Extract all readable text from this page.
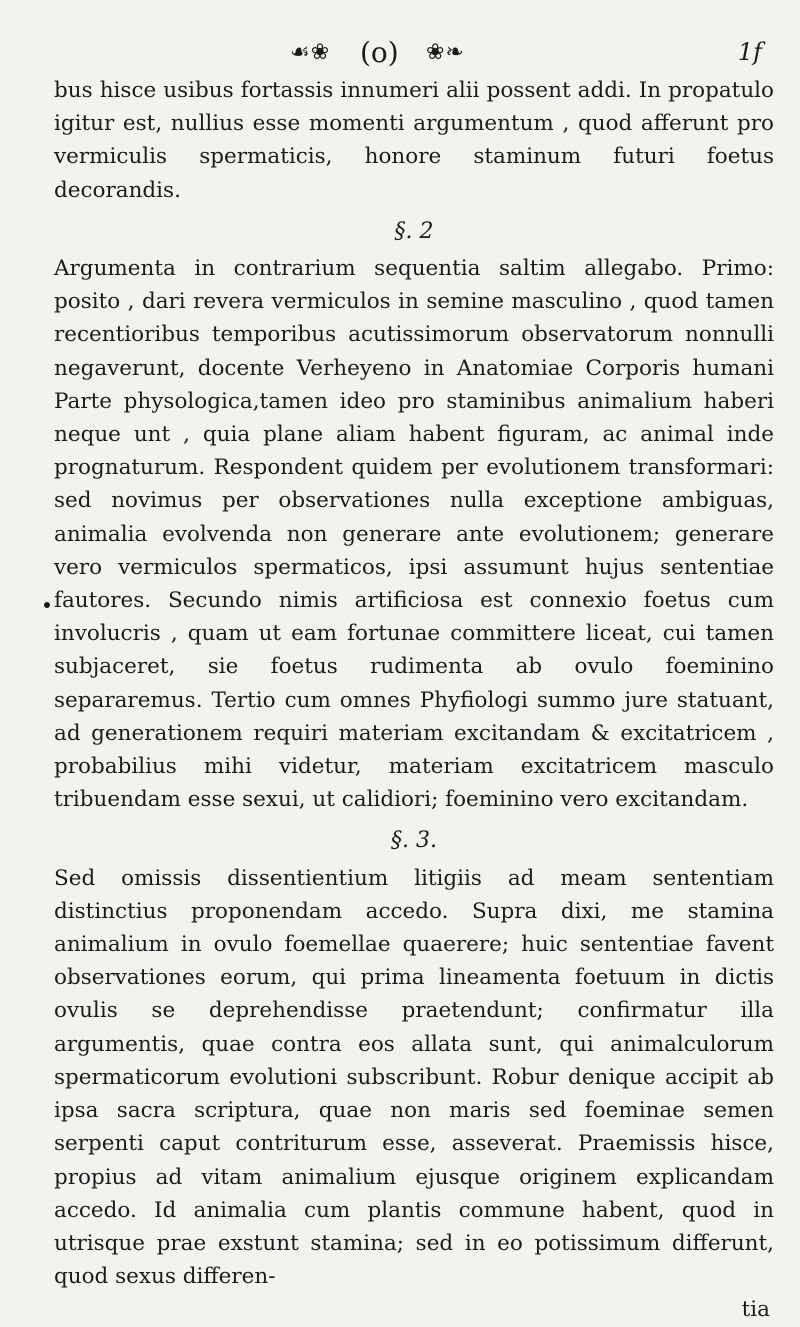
☙❀ (o) ❀❧	1f

bus hisce usibus fortassis innumeri alii possent addi. In propatulo igitur est, nullius esse momenti argumentum , quod afferunt pro vermiculis spermaticis, honore staminum futuri foetus decorandis.

§. 2

Argumenta in contrarium sequentia saltim allegabo. Primo: posito , dari revera vermiculos in semine masculino , quod tamen recentioribus temporibus acutissimorum observatorum nonnulli negaverunt, docente Verheyeno in Anatomiae Corporis humani Parte physologica,tamen ideo pro staminibus animalium haberi neque unt , quia plane aliam habent figuram, ac animal inde prognaturum. Respondent quidem per evolutionem transformari: sed novimus per observationes nulla exceptione ambiguas, animalia evolvenda non generare ante evolutionem; generare vero vermiculos spermaticos, ipsi assumunt hujus sententiae fautores. Secundo nimis artificiosa est connexio foetus cum involucris , quam ut eam fortunae committere liceat, cui tamen subjaceret, sie foetus rudimenta ab ovulo foeminino separaremus. Tertio cum omnes Phyfiologi summo jure statuant, ad generationem requiri materiam excitandam & excitatricem , probabilius mihi videtur, materiam excitatricem masculo tribuendam esse sexui, ut calidiori; foeminino vero excitandam.

§. 3.

Sed omissis dissentientium litigiis ad meam sententiam distinctius proponendam accedo. Supra dixi, me stamina animalium in ovulo foemellae quaerere; huic sententiae favent observationes eorum, qui prima lineamenta foetuum in dictis ovulis se deprehendisse praetendunt; confirmatur illa argumentis, quae contra eos allata sunt, qui animalculorum spermaticorum evolutioni subscribunt. Robur denique accipit ab ipsa sacra scriptura, quae non maris sed foeminae semen serpenti caput contriturum esse, asseverat. Praemissis hisce, propius ad vitam animalium ejusque originem explicandam accedo. Id animalia cum plantis commune habent, quod in utrisque prae exstunt stamina; sed in eo potissimum differunt, quod sexus differen-

tia
